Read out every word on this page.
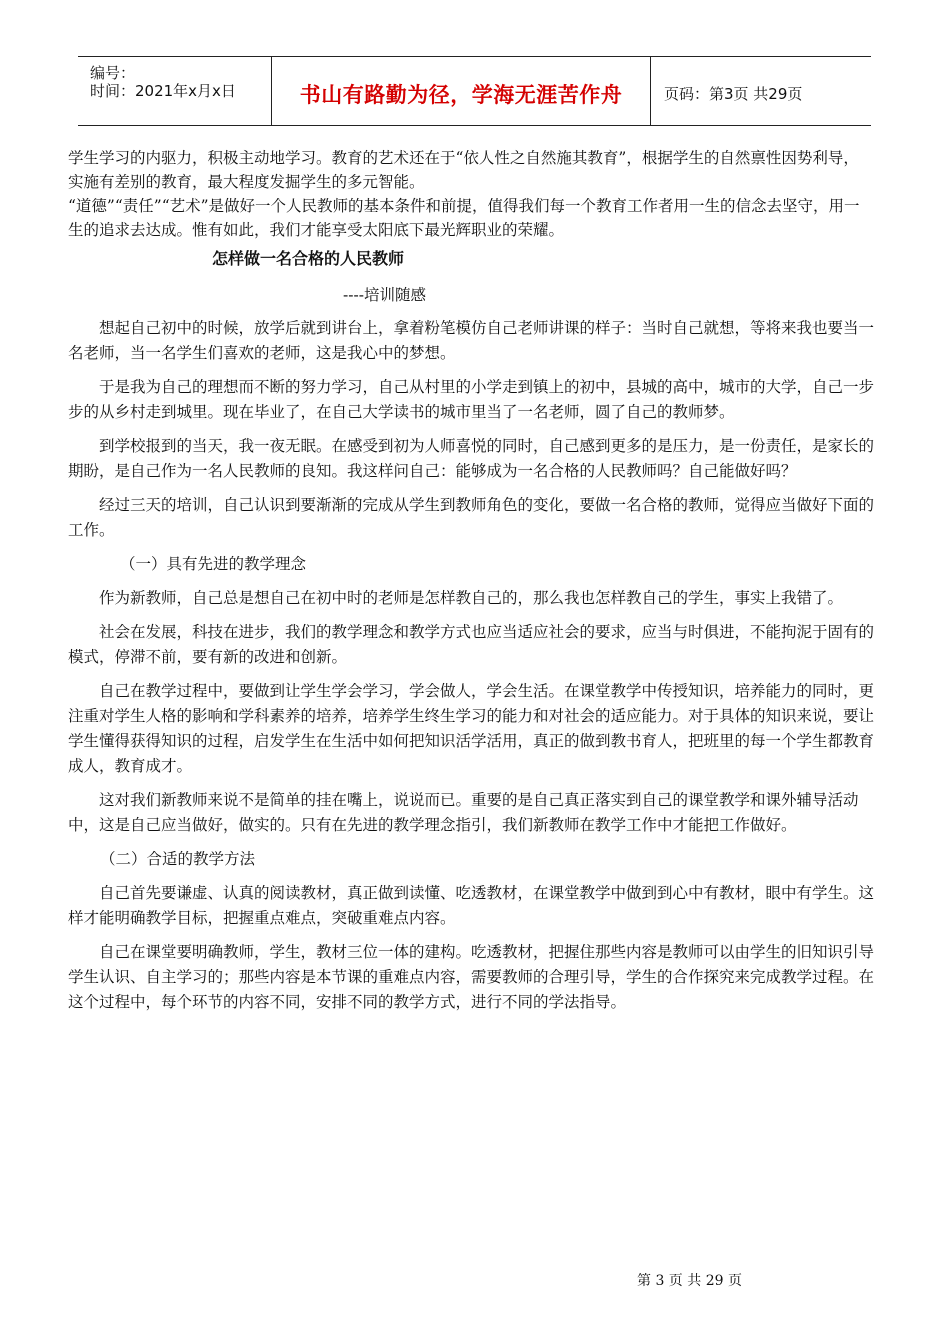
编号：
时间：2021年x月x日	书山有路勤为径，学海无涯苦作舟	页码：第3页 共29页

学生学习的内驱力，积极主动地学习。教育的艺术还在于“依人性之自然施其教育”，根据学生的自然禀性因势利导，实施有差别的教育，最大程度发掘学生的多元智能。

“道德”“责任”“艺术”是做好一个人民教师的基本条件和前提，值得我们每一个教育工作者用一生的信念去坚守，用一生的追求去达成。惟有如此，我们才能享受太阳底下最光辉职业的荣耀。

怎样做一名合格的人民教师
----培训随感

想起自己初中的时候，放学后就到讲台上，拿着粉笔模仿自己老师讲课的样子：当时自己就想，等将来我也要当一名老师，当一名学生们喜欢的老师，这是我心中的梦想。

于是我为自己的理想而不断的努力学习，自己从村里的小学走到镇上的初中，县城的高中，城市的大学，自己一步步的从乡村走到城里。现在毕业了，在自己大学读书的城市里当了一名老师，圆了自己的教师梦。

到学校报到的当天，我一夜无眠。在感受到初为人师喜悦的同时，自己感到更多的是压力，是一份责任，是家长的期盼，是自己作为一名人民教师的良知。我这样问自己：能够成为一名合格的人民教师吗？自己能做好吗？

经过三天的培训，自己认识到要渐渐的完成从学生到教师角色的变化，要做一名合格的教师，觉得应当做好下面的工作。

（一）具有先进的教学理念

作为新教师，自己总是想自己在初中时的老师是怎样教自己的，那么我也怎样教自己的学生，事实上我错了。

社会在发展，科技在进步，我们的教学理念和教学方式也应当适应社会的要求，应当与时俱进，不能拘泥于固有的模式，停滞不前，要有新的改进和创新。

自己在教学过程中，要做到让学生学会学习，学会做人，学会生活。在课堂教学中传授知识，培养能力的同时，更注重对学生人格的影响和学科素养的培养，培养学生终生学习的能力和对社会的适应能力。对于具体的知识来说，要让学生懂得获得知识的过程，启发学生在生活中如何把知识活学活用，真正的做到教书育人，把班里的每一个学生都教育成人，教育成才。

这对我们新教师来说不是简单的挂在嘴上，说说而已。重要的是自己真正落实到自己的课堂教学和课外辅导活动中，这是自己应当做好，做实的。只有在先进的教学理念指引，我们新教师在教学工作中才能把工作做好。

（二）合适的教学方法

自己首先要谦虚、认真的阅读教材，真正做到读懂、吃透教材，在课堂教学中做到到心中有教材，眼中有学生。这样才能明确教学目标，把握重点难点，突破重难点内容。

自己在课堂要明确教师，学生，教材三位一体的建构。吃透教材，把握住那些内容是教师可以由学生的旧知识引导学生认识、自主学习的；那些内容是本节课的重难点内容，需要教师的合理引导，学生的合作探究来完成教学过程。在这个过程中，每个环节的内容不同，安排不同的教学方式，进行不同的学法指导。

第 3 页 共 29 页
